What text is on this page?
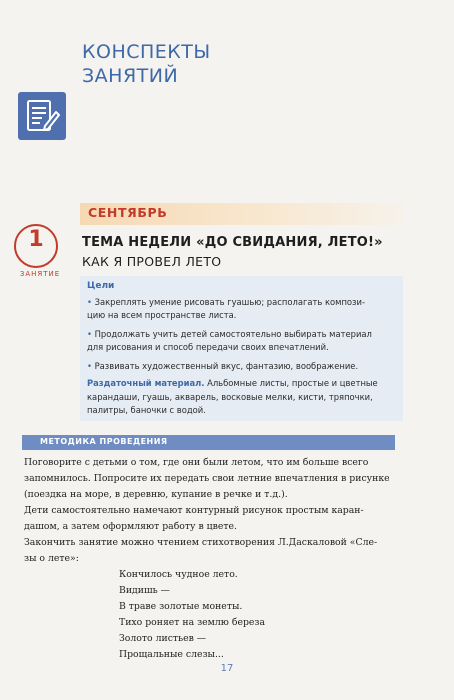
КОНСПЕКТЫ
ЗАНЯТИЙ
СЕНТЯБРЬ
1
ЗАНЯТИЕ
ТЕМА НЕДЕЛИ «ДО СВИДАНИЯ, ЛЕТО!»
КАК Я ПРОВЕЛ ЛЕТО
Цели
• Закреплять умение рисовать гуашью; располагать компози-
цию на всем пространстве листа.
• Продолжать учить детей самостоятельно выбирать материал
для рисования и способ передачи своих впечатлений.
• Развивать художественный вкус, фантазию, воображение.
Раздаточный материал. Альбомные листы, простые и цветные
карандаши, гуашь, акварель, восковые мелки, кисти, тряпочки,
палитры, баночки с водой.
МЕТОДИКА ПРОВЕДЕНИЯ
Поговорите с детьми о том, где они были летом, что им больше всего
запомнилось. Попросите их передать свои летние впечатления в рисунке
(поездка на море, в деревню, купание в речке и т.д.).
Дети самостоятельно намечают контурный рисунок простым каран-
дашом, а затем оформляют работу в цвете.
Закончить занятие можно чтением стихотворения Л.Даскаловой «Сле-
зы о лете»:
Кончилось чудное лето.
Видишь —
В траве золотые монеты.
Тихо роняет на землю береза
Золото листьев —
Прощальные слезы...
17
